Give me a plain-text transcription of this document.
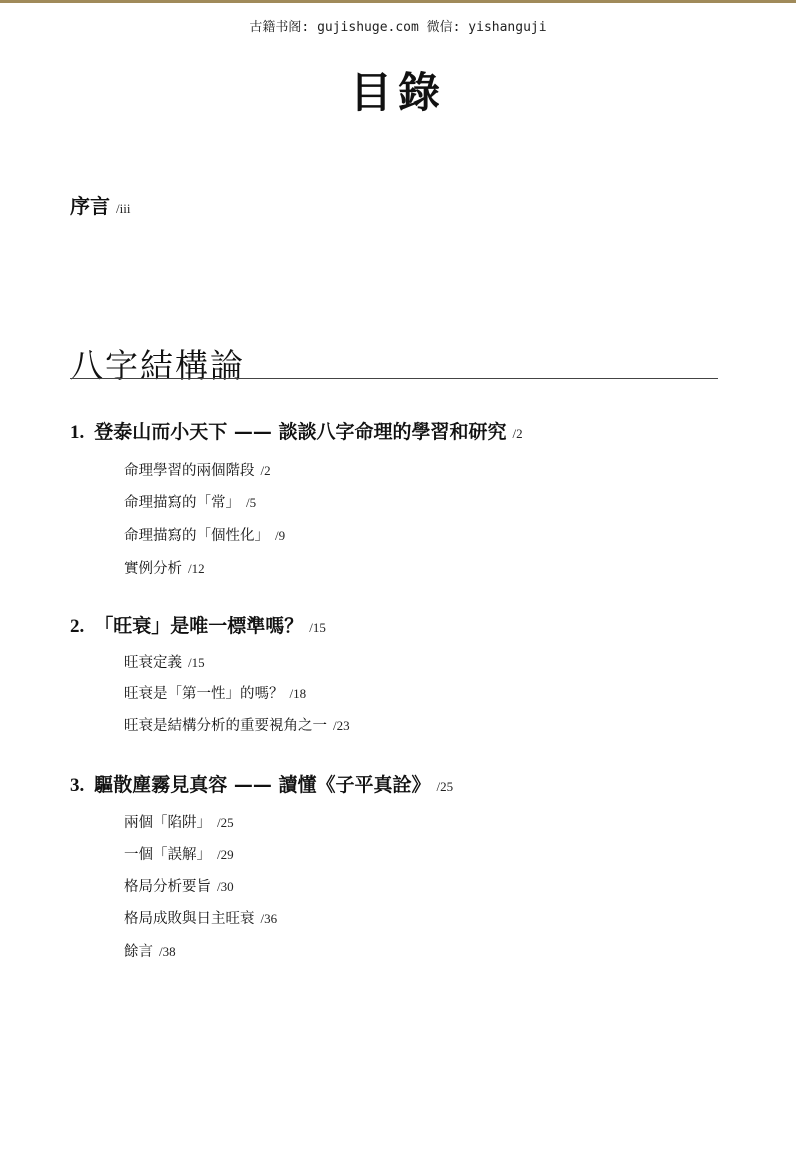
古籍书阁: gujishuge.com 微信: yishanguji
目錄
序言 /iii
八字結構論
1. 登泰山而小天下 —— 談談八字命理的學習和研究 /2
命理學習的兩個階段 /2
命理描寫的「常」 /5
命理描寫的「個性化」 /9
實例分析 /12
2. 「旺衰」是唯一標準嗎？ /15
旺衰定義 /15
旺衰是「第一性」的嗎？ /18
旺衰是結構分析的重要視角之一 /23
3. 驅散塵霧見真容 —— 讀懂《子平真詮》 /25
兩個「陷阱」 /25
一個「誤解」 /29
格局分析要旨 /30
格局成敗與日主旺衰 /36
餘言 /38
